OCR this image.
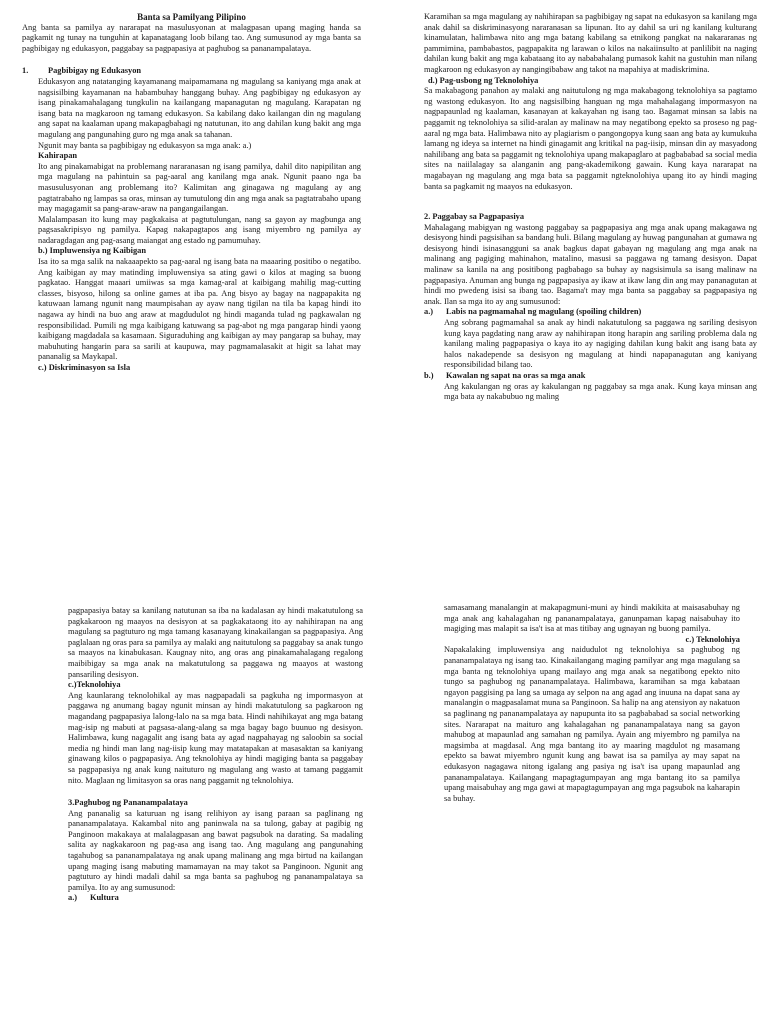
Banta sa Pamilyang Pilipino

Ang banta sa pamilya ay nararapat na masulusyonan at malagpasan upang maging handa sa pagkamit ng tunay na tunguhin at kapanatagang loob bilang tao. Ang sumusunod ay mga banta sa pagbibigay ng edukasyon, paggabay sa pagpapasiya at paghubog sa pananampalataya.

1.	Pagbibigay ng Edukasyon

Edukasyon ang natatanging kayamanang maipamamana ng magulang sa kaniyang mga anak at nagsisilbing kayamanan na habambuhay hanggang buhay. Ang pagbibigay ng edukasyon ay isang pinakamahalagang tungkulin na kailangang mapanagutan ng magulang. Karapatan ng isang bata na magkaroon ng tamang edukasyon. Sa kabilang dako kailangan din ng magulang ang sapat na kaalaman upang makapagbahagi ng natutunan, ito ang dahilan kung bakit ang mga magulang ang pangunahing guro ng mga anak sa tahanan.

Ngunit may banta sa pagbibigay ng edukasyon sa mga anak: a.)

Kahirapan

Ito ang pinakamabigat na problemang nararanasan ng isang pamilya, dahil dito napipilitan ang mga magulang na pahintuin sa pag-aaral ang kanilang mga anak. Ngunit paano nga ba masusulusyonan ang problemang ito? Kalimitan ang ginagawa ng magulang ay ang pagtatrabaho ng lampas sa oras, minsan ay tumutulong din ang mga anak sa pagtatrabaho upang may magagamit sa pang-araw-araw na pangangailangan.

Malalampasan ito kung may pagkakaisa at pagtutulungan, nang sa gayon ay magbunga ang pagsasakripisyo ng pamilya. Kapag nakapagtapos ang isang miyembro ng pamilya ay nadaragdagan ang pag-asang maiangat ang estado ng pamumuhay.

b.) Impluwensiya ng Kaibigan

Isa ito sa mga salik na nakaaapekto sa pag-aaral ng isang bata na maaaring positibo o negatibo. Ang kaibigan ay may matinding impluwensiya sa ating gawi o kilos at maging sa buong pagkatao. Hanggat maaari umiiwas sa mga kamag-aral at kaibigang mahilig mag-cutting classes, bisyoso, hilong sa online games at iba pa. Ang bisyo ay bagay na nagpapakita ng katuwaan lamang ngunit nang maumpisahan ay ayaw nang tigilan na tila ba kapag hindi ito nagawa ay hindi na buo ang araw at magdudulot ng hindi maganda tulad ng pagkawalan ng responsibilidad. Pumili ng mga kaibigang katuwang sa pag-abot ng mga pangarap hindi yaong kaibigang magdadala sa kasamaan. Siguraduhing ang kaibigan ay may pangarap sa buhay, may mabuhuting hangarin para sa sarili at kaupuwa, may pagmamalasakit at higit sa lahat may pananalig sa Maykapal.

c.) Diskriminasyon sa Isla

Karamihan sa mga magulang ay nahihirapan sa pagbibigay ng sapat na edukasyon sa kanilang mga anak dahil sa diskriminasyong nararanasan sa lipunan. Ito ay dahil sa uri ng kanilang kulturang kinamulatan, halimbawa nito ang mga batang kabilang sa etnikong pangkat na nakararanas ng pammimina, pambabastos, pagpapakita ng larawan o kilos na nakaiinsulto at panlilibit na naging dahilan kung bakit ang mga kabataang ito ay nababahalang pumasok kahit na gustuhin man nilang magkaroon ng edukasyon ay nangingibabaw ang takot na mapahiya at madiskrimina.

d.) Pag-usbong ng Teknolohiya

Sa makabagong panahon ay malaki ang naitutulong ng mga makabagong teknolohiya sa pagtamo ng wastong edukasyon. Ito ang nagsisilbing hanguan ng mga mahahalagang impormasyon na nagpapaunlad ng kaalaman, kasanayan at kakayahan ng isang tao. Bagamat minsan sa labis na paggamit ng teknolohiya sa silid-aralan ay malinaw na may negatibong epekto sa proseso ng pag-aaral ng mga bata. Halimbawa nito ay plagiarism o pangongopya kung saan ang bata ay kumukuha lamang ng ideya sa internet na hindi ginagamit ang kritikal na pag-iisip, minsan din ay masyadong nahilibang ang bata sa paggamit ng teknolohiya upang makapaglaro at pagbababad sa social media sites na naiilalagay sa alanganin ang pang-akademikong gawain. Kung kaya nararapat na magabayan ng magulang ang mga bata sa paggamit ngteknolohiya upang ito ay hindi maging banta sa pagkamit ng maayos na edukasyon.

2. Paggabay sa Pagpapasiya

Mahalagang mabigyan ng wastong paggabay sa pagpapasiya ang mga anak upang makagawa ng desisyong hindi pagsisihan sa bandang huli. Bilang magulang ay huwag pangunahan at gumawa ng desisyong hindi isinasangguni sa anak bagkus dapat gabayan ng magulang ang mga anak na malinang ang pagiging mahinahon, matalino, masusi sa paggawa ng tamang desisyon. Dapat malinaw sa kanila na ang positibong pagbabago sa buhay ay nagsisimula sa isang malinaw na pagpapasiya. Anuman ang bunga ng pagpapasiya ay ikaw at ikaw lang din ang may pananagutan at hindi mo pwedeng isisi sa ibang tao. Bagama't may mga banta sa paggabay sa pagpapasiya ng anak. Ilan sa mga ito ay ang sumusunod:

a.)	Labis na pagmamahal ng magulang (spoiling children)

Ang sobrang pagmamahal sa anak ay hindi nakatutulong sa paggawa ng sariling desisyon kung kaya pagdating nang araw ay nahihirapan itong harapin ang sariling problema dala ng kanilang maling pagpapasiya o kaya ito ay nagiging dahilan kung bakit ang isang bata ay halos nakadepende sa desisyon ng magulang at hindi napapanagutan ang kaniyang responsibilidad bilang tao.

b.)	Kawalan ng sapat na oras sa mga anak

Ang kakulangan ng oras ay kakulangan ng paggabay sa mga anak. Kung kaya minsan ang mga bata ay nakabubuo ng maling

pagpapasiya batay sa kanilang natutunan sa iba na kadalasan ay hindi makatutulong sa pagkakaroon ng maayos na desisyon at sa pagkakataong ito ay nahihirapan na ang magulang sa pagtuturo ng mga tamang kasanayang kinakailangan sa pagpapasiya. Ang paglalaan ng oras para sa pamilya ay malaki ang naitutulong sa paggabay sa anak tungo sa maayos na kinabukasan. Kaugnay nito, ang oras ang pinakamahalagang regalong maibibigay sa mga anak na makatutulong sa paggawa ng maayos at wastong pansariling desisyon.

c.)Teknolohiya

Ang kaunlarang teknolohikal ay mas nagpapadali sa pagkuha ng impormasyon at paggawa ng anumang bagay ngunit minsan ay hindi makatutulong sa pagkaroon ng magandang pagpapasiya lalong-lalo na sa mga bata. Hindi nahihikayat ang mga batang mag-isip ng mabuti at pagsasa-alang-alang sa mga bagay bago buunuo ng desisyon. Halimbawa, kung nagagalit ang isang bata ay agad nagpahayag ng saloobin sa social media ng hindi man lang nag-iisip kung may matatapakan at masasaktan sa kaniyang ginawang kilos o pagpapasiya. Ang teknolohiya ay hindi magiging banta sa paggabay sa pagpapasiya ng anak kung naituturo ng magulang ang wasto at tamang paggamit nito. Maglaan ng limitasyon sa oras nang paggamit ng teknolohiya.

3.Paghubog ng Pananampalataya

Ang pananalig sa katuruan ng isang relihiyon ay isang paraan sa paglinang ng pananampalataya. Kakambal nito ang paninwala na sa tulong, gabay at pagibig ng Panginoon makakaya at malalagpasan ang bawat pagsubok na darating. Sa madaling salita ay nagkakaroon ng pag-asa ang isang tao. Ang magulang ang pangunahing tagahubog sa pananampalataya ng anak upang malinang ang mga birtud na kailangan upang maging isang mabuting mamamayan na may takot sa Panginoon. Ngunit ang pagtuturo ay hindi madali dahil sa mga banta sa paghubog ng pananampalataya sa pamilya. Ito ay ang sumusunod:

a.)	Kultura

samasamang manalangin at makapagmuni-muni ay hindi makikita at maisasabuhay ng mga anak ang kahalagahan ng pananampalataya, ganunpaman kapag naisabuhay ito magiging mas malapit sa isa't isa at mas titibay ang ugnayan ng buong pamilya.

c.) Teknolohiya

Napakalaking impluwensiya ang naidudulot ng teknolohiya sa paghubog ng pananampalataya ng isang tao. Kinakailangang maging pamilyar ang mga magulang sa mga banta ng teknolohiya upang mailayo ang mga anak sa negatibong epekto nito tungo sa paghubog ng pananampalataya. Halimbawa, karamihan sa mga kabataan ngayon paggising pa lang sa umaga ay selpon na ang agad ang inuuna na dapat sana ay manalangin o magpasalamat muna sa Panginoon. Sa halip na ang atensiyon ay nakatuon sa paglinang ng pananampalataya ay napupunta ito sa pagbababad sa social networking sites. Nararapat na maituro ang kahalagahan ng pananampalataya nang sa gayon mahubog at mapaunlad ang samahan ng pamilya. Ayain ang miyembro ng pamilya na magsimba at magdasal. Ang mga bantang ito ay maaring magdulot ng masamang epekto sa bawat miyembro ngunit kung ang bawat isa sa pamilya ay may sapat na edukasyon nagagawa nitong igalang ang pasiya ng isa't isa upang mapaunlad ang pananampalataya. Kailangang mapagtagumpayan ang mga bantang ito sa pamilya upang maisabuhay ang mga gawi at mapagtagumpayan ang mga pagsubok na kaharapin sa buhay.
